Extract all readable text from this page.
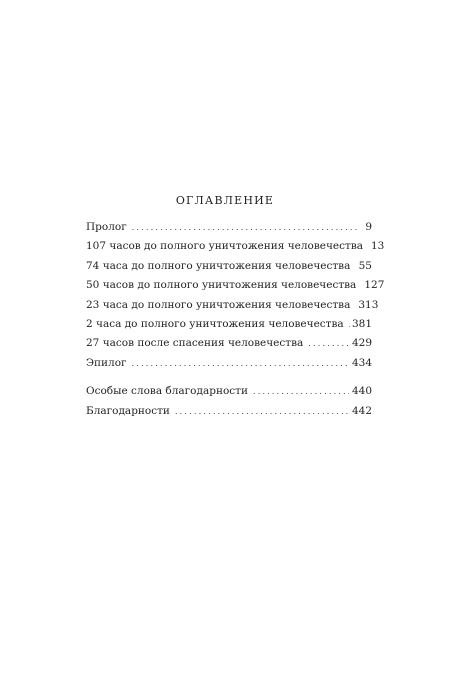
оглавление
Пролог .....	9
107 часов до полного уничтожения человечества 13
74 часа до полного уничтожения человечества ..... 55
50 часов до полного уничтожения человечества 127
23 часа до полного уничтожения человечества 313
2 часа до полного уничтожения человечества ..... 381
27 часов после спасения человечества .....	429
Эпилог .....	434
Особые слова благодарности .....	440
Благодарности .....	442
